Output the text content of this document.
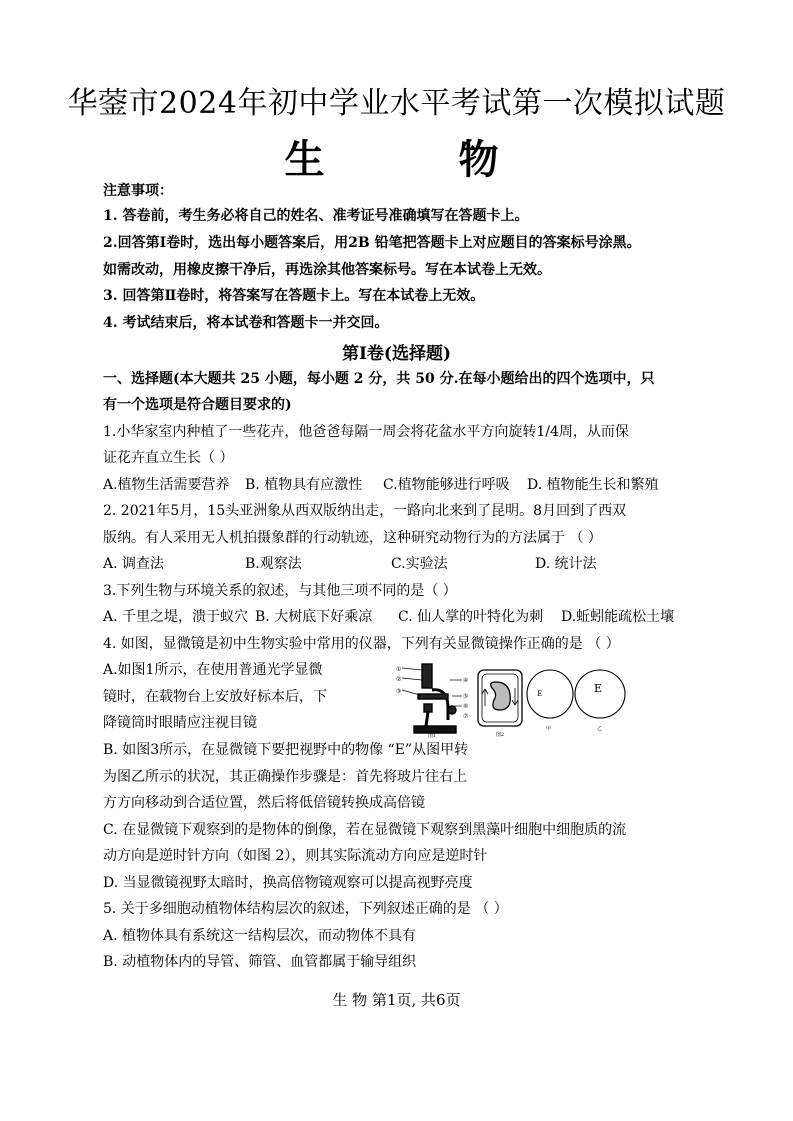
华蓥市2024年初中学业水平考试第一次模拟试题
生 物
注意事项：
1. 答卷前，考生务必将自己的姓名、准考证号准确填写在答题卡上。
2.回答第Ⅰ卷时，选出每小题答案后，用2B 铅笔把答题卡上对应题目的答案标号涂黑。
如需改动，用橡皮擦干净后，再选涂其他答案标号。写在本试卷上无效。
3. 回答第Ⅱ卷时，将答案写在答题卡上。写在本试卷上无效。
4. 考试结束后，将本试卷和答题卡一并交回。
第Ⅰ卷(选择题)
一、选择题(本大题共 25 小题，每小题 2 分，共 50 分.在每小题给出的四个选项中，只
有一个选项是符合题目要求的)
1.小华家室内种植了一些花卉，他爸爸每隔一周会将花盆水平方向旋转1/4周，从而保
证花卉直立生长（ ）
A.植物生活需要营养 B. 植物具有应激性 C.植物能够进行呼吸 D. 植物能生长和繁殖
2. 2021年5月，15头亚洲象从西双版纳出走，一路向北来到了昆明。8月回到了西双
版纳。有人采用无人机拍摄象群的行动轨迹，这种研究动物行为的方法属于 （ ）
A. 调查法	B.观察法	C.实验法	D. 统计法
3.下列生物与环境关系的叙述，与其他三项不同的是（ ）
A. 千里之堤，溃于蚁穴 B. 大树底下好乘凉 C. 仙人掌的叶特化为刺 D.蚯蚓能疏松土壤
4. 如图，显微镜是初中生物实验中常用的仪器，下列有关显微镜操作正确的是 （ ）
A.如图1所示，在使用普通光学显微
镜时，在载物台上安放好标本后，下
降镜筒时眼睛应注视目镜
①
②
③
④
⑤
⑥
⑦
图1	图2
E	E
甲	乙
B. 如图3所示，在显微镜下要把视野中的物像 “E”从图甲转
为图乙所示的状况，其正确操作步骤是：首先将玻片往右上
方方向移动到合适位置，然后将低倍镜转换成高倍镜
C. 在显微镜下观察到的是物体的倒像，若在显微镜下观察到黑藻叶细胞中细胞质的流
动方向是逆时针方向（如图 2），则其实际流动方向应是逆时针
D. 当显微镜视野太暗时，换高倍物镜观察可以提高视野亮度
5. 关于多细胞动植物体结构层次的叙述，下列叙述正确的是 （ ）
A. 植物体具有系统这一结构层次，而动物体不具有
B. 动植物体内的导管、筛管、血管都属于输导组织
生 物 第1页, 共6页
